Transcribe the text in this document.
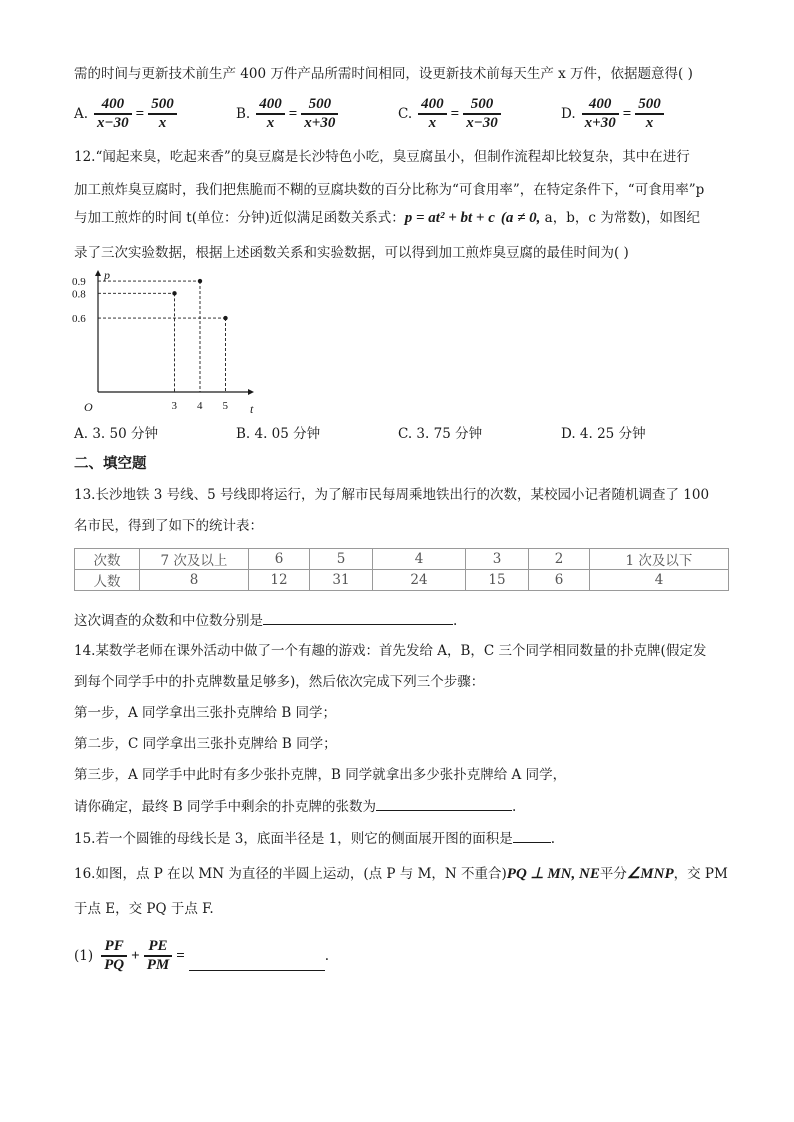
需的时间与更新技术前生产 400 万件产品所需时间相同，设更新技术前每天生产 x 万件，依据题意得( )
A. $\frac{400}{x-30} = \frac{500}{x}$	B. $\frac{400}{x} = \frac{500}{x+30}$	C. $\frac{400}{x} = \frac{500}{x-30}$	D. $\frac{400}{x+30} = \frac{500}{x}$
12.“闻起来臭，吃起来香”的臭豆腐是长沙特色小吃，臭豆腐虽小，但制作流程却比较复杂，其中在进行
加工煎炸臭豆腐时，我们把焦脆而不糊的豆腐块数的百分比称为“可食用率”，在特定条件下，“可食用率”p
与加工煎炸的时间 t(单位：分钟)近似满足函数关系式：p = at² + bt + c (a ≠ 0, a，b，c 为常数)，如图纪
录了三次实验数据，根据上述函数关系和实验数据，可以得到加工煎炸臭豆腐的最佳时间为( )
p
t
O	3 4 5
0.9
0.8
0.6
A. 3. 50 分钟	B. 4. 05 分钟	C. 3. 75 分钟	D. 4. 25 分钟
二、填空题
13.长沙地铁 3 号线、5 号线即将运行，为了解市民每周乘地铁出行的次数，某校园小记者随机调查了 100
名市民，得到了如下的统计表：
次数	7 次及以上	6	5	4	3	2	1 次及以下
人数	8	12	31	24	15	6	4
这次调查的众数和中位数分别是	.
14.某数学老师在课外活动中做了一个有趣的游戏：首先发给 A，B，C 三个同学相同数量的扑克牌(假定发
到每个同学手中的扑克牌数量足够多)，然后依次完成下列三个步骤：
第一步，A 同学拿出三张扑克牌给 B 同学；
第二步，C 同学拿出三张扑克牌给 B 同学；
第三步，A 同学手中此时有多少张扑克牌，B 同学就拿出多少张扑克牌给 A 同学，
请你确定，最终 B 同学手中剩余的扑克牌的张数为	.
15.若一个圆锥的母线长是 3，底面半径是 1，则它的侧面展开图的面积是	.
16.如图，点 P 在以 MN 为直径的半圆上运动，(点 P 与 M，N 不重合)PQ ⊥ MN, NE平分∠MNP，交 PM
于点 E，交 PQ 于点 F.
$(1) \frac{PF}{PQ} + \frac{PE}{PM}$ =	.
